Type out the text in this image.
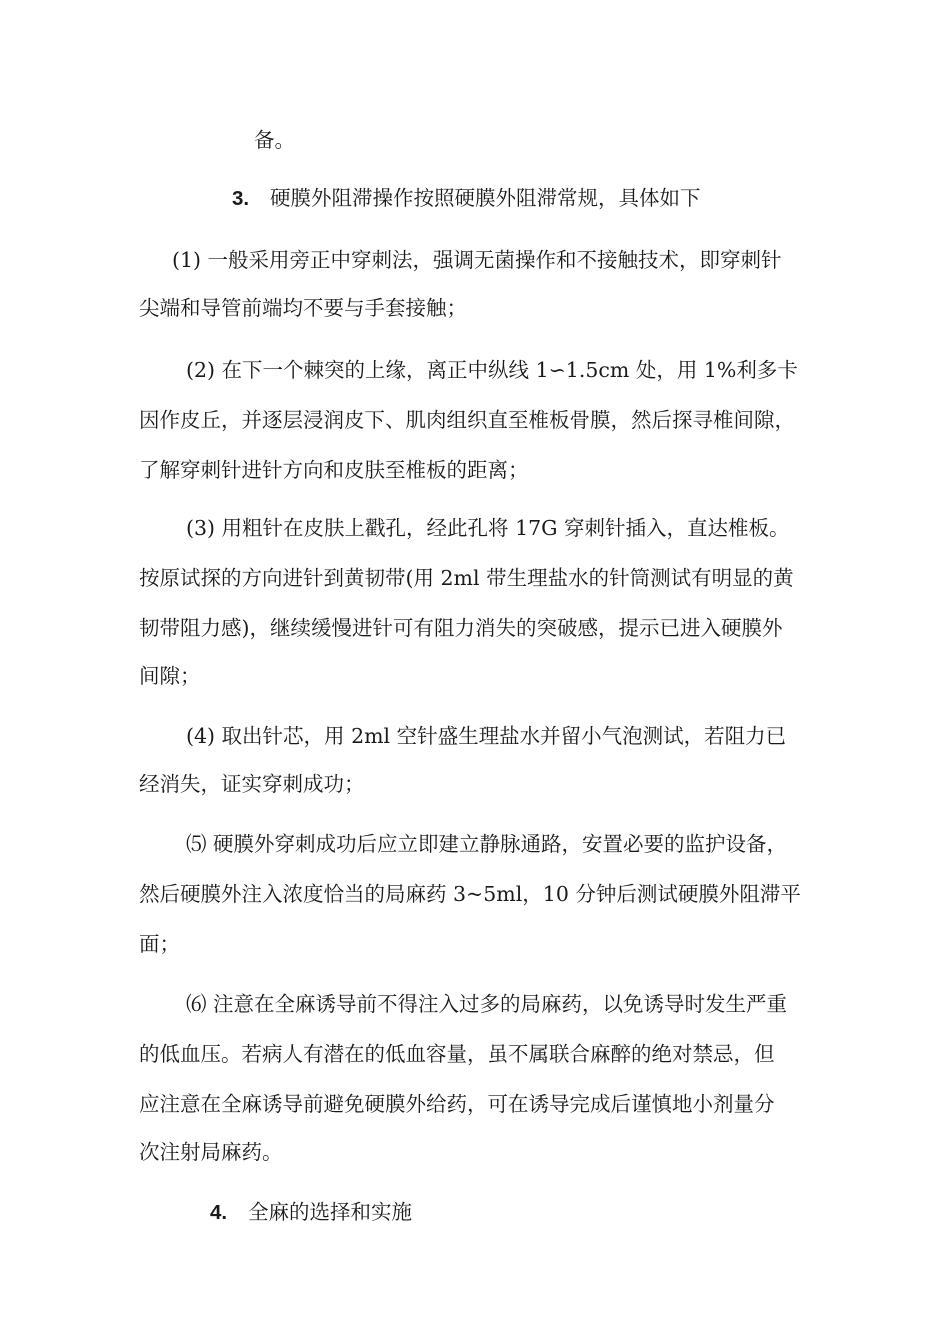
备。
3. 硬膜外阻滞操作按照硬膜外阻滞常规，具体如下
(1) 一般采用旁正中穿刺法，强调无菌操作和不接触技术，即穿刺针
尖端和导管前端均不要与手套接触；
(2) 在下一个棘突的上缘，离正中纵线 1∽1.5cm 处，用 1%利多卡
因作皮丘，并逐层浸润皮下、肌肉组织直至椎板骨膜，然后探寻椎间隙，
了解穿刺针进针方向和皮肤至椎板的距离；
(3) 用粗针在皮肤上戳孔，经此孔将 17G 穿刺针插入，直达椎板。
按原试探的方向进针到黄韧带(用 2ml 带生理盐水的针筒测试有明显的黄
韧带阻力感)，继续缓慢进针可有阻力消失的突破感，提示已进入硬膜外
间隙；
(4) 取出针芯，用 2ml 空针盛生理盐水并留小气泡测试，若阻力已
经消失，证实穿刺成功；
⑸ 硬膜外穿刺成功后应立即建立静脉通路，安置必要的监护设备，
然后硬膜外注入浓度恰当的局麻药 3~5ml，10 分钟后测试硬膜外阻滞平
面；
⑹ 注意在全麻诱导前不得注入过多的局麻药，以免诱导时发生严重
的低血压。若病人有潜在的低血容量，虽不属联合麻醉的绝对禁忌，但
应注意在全麻诱导前避免硬膜外给药，可在诱导完成后谨慎地小剂量分
次注射局麻药。
4. 全麻的选择和实施
